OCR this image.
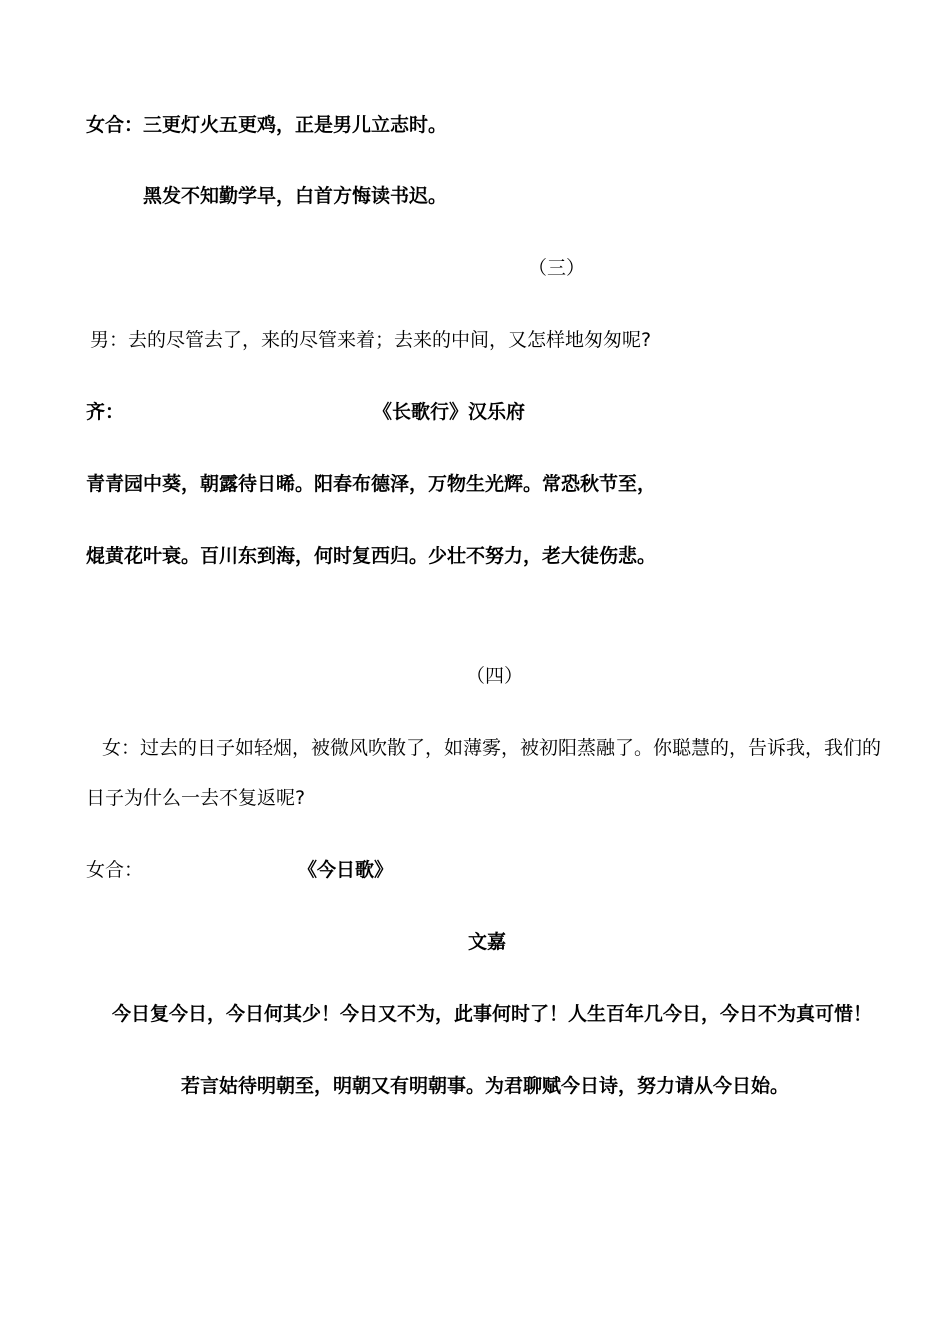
女合：三更灯火五更鸡，正是男儿立志时。
黑发不知勤学早，白首方悔读书迟。
（三）
男：去的尽管去了，来的尽管来着；去来的中间，又怎样地匆匆呢?
齐：	《长歌行》汉乐府
青青园中葵，朝露待日晞。阳春布德泽，万物生光辉。常恐秋节至，
焜黄花叶衰。百川东到海，何时复西归。少壮不努力，老大徒伤悲。
（四）
女：过去的日子如轻烟，被微风吹散了，如薄雾，被初阳蒸融了。你聪慧的，告诉我，我们的
日子为什么一去不复返呢?
女合：	《今日歌》
文嘉
今日复今日，今日何其少！今日又不为，此事何时了！人生百年几今日，今日不为真可惜！
若言姑待明朝至，明朝又有明朝事。为君聊赋今日诗，努力请从今日始。
